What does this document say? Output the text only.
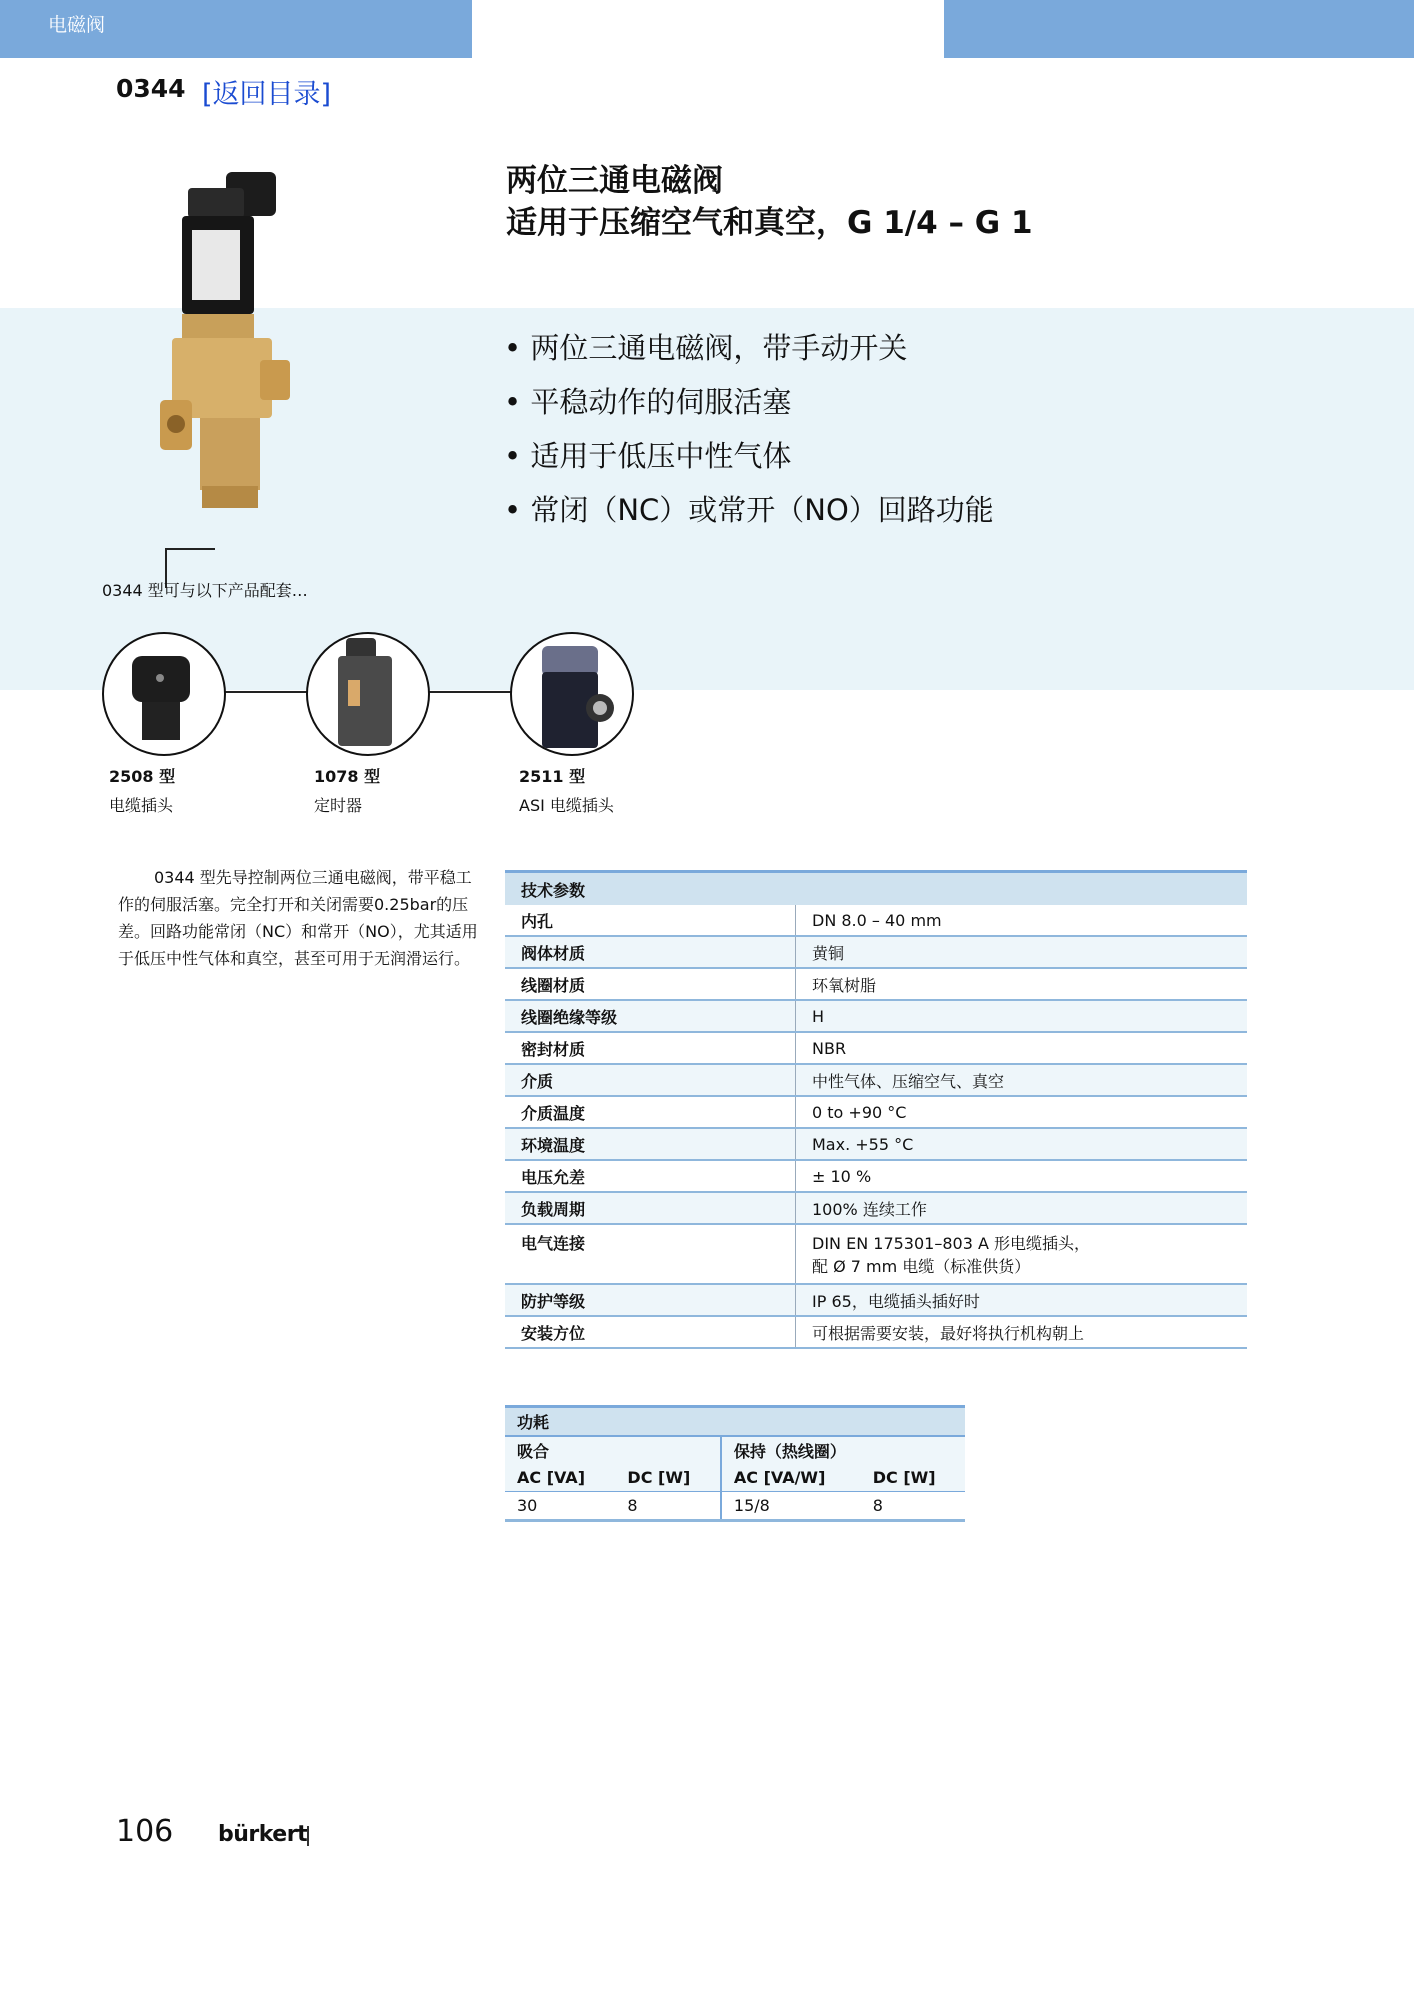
电磁阀
0344 [返回目录]
两位三通电磁阀
适用于压缩空气和真空，G 1/4 – G 1
• 两位三通电磁阀，带手动开关
• 平稳动作的伺服活塞
• 适用于低压中性气体
• 常闭（NC）或常开（NO）回路功能
0344 型可与以下产品配套…
2508 型
电缆插头
1078 型
定时器
2511 型
ASI 电缆插头

0344 型先导控制两位三通电磁阀，带平稳工作的伺服活塞。完全打开和关闭需要0.25bar的压差。回路功能常闭（NC）和常开（NO），尤其适用于低压中性气体和真空，甚至可用于无润滑运行。

技术参数	
内孔	DN 8.0 – 40 mm
阀体材质	黄铜
线圈材质	环氧树脂
线圈绝缘等级	H
密封材质	NBR
介质	中性气体、压缩空气、真空
介质温度	0 to +90 °C
环境温度	Max. +55 °C
电压允差	± 10 %
负载周期	100% 连续工作
电气连接	DIN EN 175301–803 A 形电缆插头，
配 Ø 7 mm 电缆（标准供货）
防护等级	IP 65，电缆插头插好时
安装方位	可根据需要安装，最好将执行机构朝上
功耗			
吸合		保持（热线圈）	
AC [VA]	DC [W]	AC [VA/W]	DC [W]
30	8	15/8	8
106 bürkert
